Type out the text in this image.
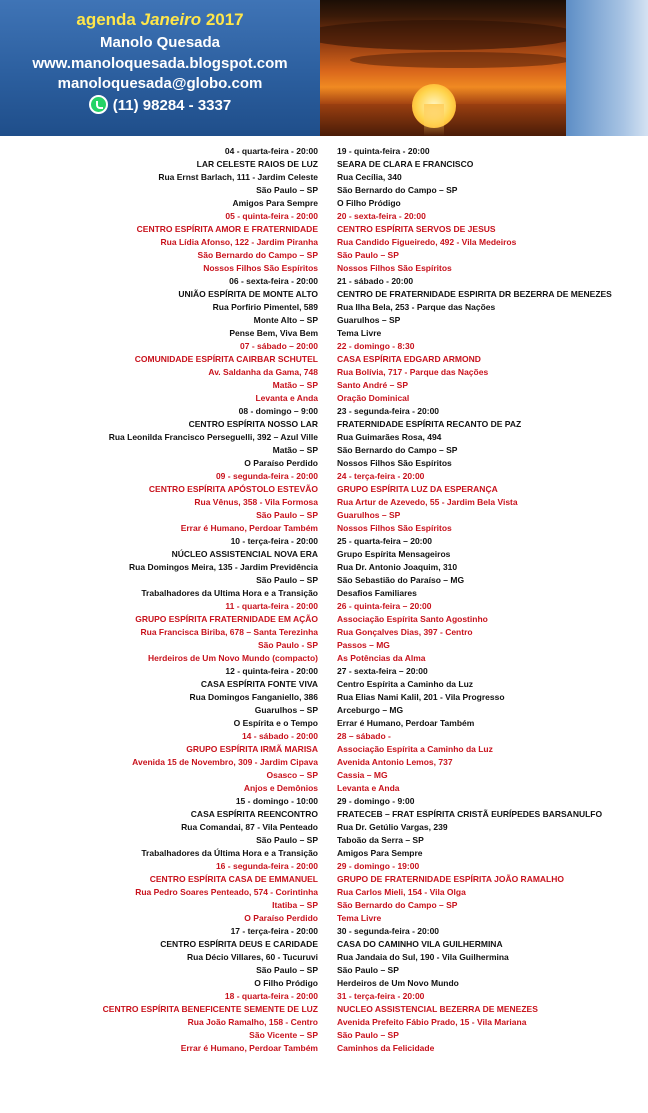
agenda Janeiro 2017
Manolo Quesada
www.manoloquesada.blogspot.com
manoloquesada@globo.com
(11) 98284 - 3337
04 - quarta-feira - 20:00 19 - quinta-feira - 20:00
LAR CELESTE RAIOS DE LUZ SEARA DE CLARA E FRANCISCO
Rua Ernst Barlach, 111 - Jardim Celeste Rua Cecília, 340
São Paulo – SP São Bernardo do Campo – SP
Amigos Para Sempre O Filho Pródigo
05 - quinta-feira - 20:00 20 - sexta-feira - 20:00
CENTRO ESPÍRITA AMOR E FRATERNIDADE CENTRO ESPÍRITA SERVOS DE JESUS
Rua Lídia Afonso, 122 - Jardim Piranha Rua Candido Figueiredo, 492 - Vila Medeiros
São Bernardo do Campo – SP São Paulo – SP
Nossos Filhos São Espíritos Nossos Filhos São Espíritos
06 - sexta-feira - 20:00 21 - sábado - 20:00
UNIÃO ESPÍRITA DE MONTE ALTO CENTRO DE FRATERNIDADE ESPIRITA DR BEZERRA DE MENEZES
Rua Porfirio Pimentel, 589 Rua Ilha Bela, 253 - Parque das Nações
Monte Alto – SP Guarulhos – SP
Pense Bem, Viva Bem Tema Livre
07 - sábado – 20:00 22 - domingo - 8:30
COMUNIDADE ESPÍRITA CAIRBAR SCHUTEL CASA ESPÍRITA EDGARD ARMOND
Av. Saldanha da Gama, 748 Rua Bolívia, 717 - Parque das Nações
Matão – SP Santo André – SP
Levanta e Anda Oração Dominical
08 - domingo – 9:00 23 - segunda-feira - 20:00
CENTRO ESPÍRITA NOSSO LAR FRATERNIDADE ESPÍRITA RECANTO DE PAZ
Rua Leonilda Francisco Perseguelli, 392 – Azul Ville Rua Guimarães Rosa, 494
Matão – SP São Bernardo do Campo – SP
O Paraíso Perdido Nossos Filhos São Espíritos
09 - segunda-feira - 20:00 24 - terça-feira - 20:00
CENTRO ESPÍRITA APÓSTOLO ESTEVÃO GRUPO ESPÍRITA LUZ DA ESPERANÇA
Rua Vênus, 358 - Vila Formosa Rua Artur de Azevedo, 55 - Jardim Bela Vista
São Paulo – SP Guarulhos – SP
Errar é Humano, Perdoar Também Nossos Filhos São Espíritos
10 - terça-feira - 20:00 25 - quarta-feira – 20:00
NÚCLEO ASSISTENCIAL NOVA ERA Grupo Espírita Mensageiros
Rua Domingos Meira, 135 - Jardim Previdência Rua Dr. Antonio Joaquim, 310
São Paulo – SP São Sebastião do Paraíso – MG
Trabalhadores da Ultima Hora e a Transição Desafios Familiares
11 - quarta-feira - 20:00 26 - quinta-feira – 20:00
GRUPO ESPÍRITA FRATERNIDADE EM AÇÃO Associação Espírita Santo Agostinho
Rua Francisca Biriba, 678 – Santa Terezinha Rua Gonçalves Dias, 397 - Centro
São Paulo - SP Passos – MG
Herdeiros de Um Novo Mundo (compacto) As Potências da Alma
12 - quinta-feira - 20:00 27 - sexta-feira – 20:00
CASA ESPÍRITA FONTE VIVA Centro Espírita a Caminho da Luz
Rua Domingos Fanganiello, 386 Rua Elias Nami Kalil, 201 - Vila Progresso
Guarulhos – SP Arceburgo – MG
O Espírita e o Tempo Errar é Humano, Perdoar Também
14 - sábado - 20:00 28 – sábado -
GRUPO ESPÍRITA IRMÃ MARISA Associação Espírita a Caminho da Luz
Avenida 15 de Novembro, 309 - Jardim Cipava Avenida Antonio Lemos, 737
Osasco – SP Cassia – MG
Anjos e Demônios Levanta e Anda
15 - domingo - 10:00 29 - domingo - 9:00
CASA ESPÍRITA REENCONTRO FRATECEB – FRAT ESPÍRITA CRISTÃ EURÍPEDES BARSANULFO
Rua Comandai, 87 - Vila Penteado Rua Dr. Getúlio Vargas, 239
São Paulo – SP Taboão da Serra – SP
Trabalhadores da Última Hora e a Transição Amigos Para Sempre
16 - segunda-feira - 20:00 29 - domingo - 19:00
CENTRO ESPÍRITA CASA DE EMMANUEL GRUPO DE FRATERNIDADE ESPÍRITA JOÃO RAMALHO
Rua Pedro Soares Penteado, 574 - Corintinha Rua Carlos Mieli, 154 - Vila Olga
Itatiba – SP São Bernardo do Campo – SP
O Paraíso Perdido Tema Livre
17 - terça-feira - 20:00 30 - segunda-feira - 20:00
CENTRO ESPÍRITA DEUS E CARIDADE CASA DO CAMINHO VILA GUILHERMINA
Rua Décio Villares, 60 - Tucuruvi Rua Jandaia do Sul, 190 - Vila Guilhermina
São Paulo – SP São Paulo – SP
O Filho Pródigo Herdeiros de Um Novo Mundo
18 - quarta-feira - 20:00 31 - terça-feira - 20:00
CENTRO ESPÍRITA BENEFICENTE SEMENTE DE LUZ NUCLEO ASSISTENCIAL BEZERRA DE MENEZES
Rua João Ramalho, 158 - Centro Avenida Prefeito Fábio Prado, 15 - Vila Mariana
São Vicente – SP São Paulo – SP
Errar é Humano, Perdoar Também Caminhos da Felicidade
